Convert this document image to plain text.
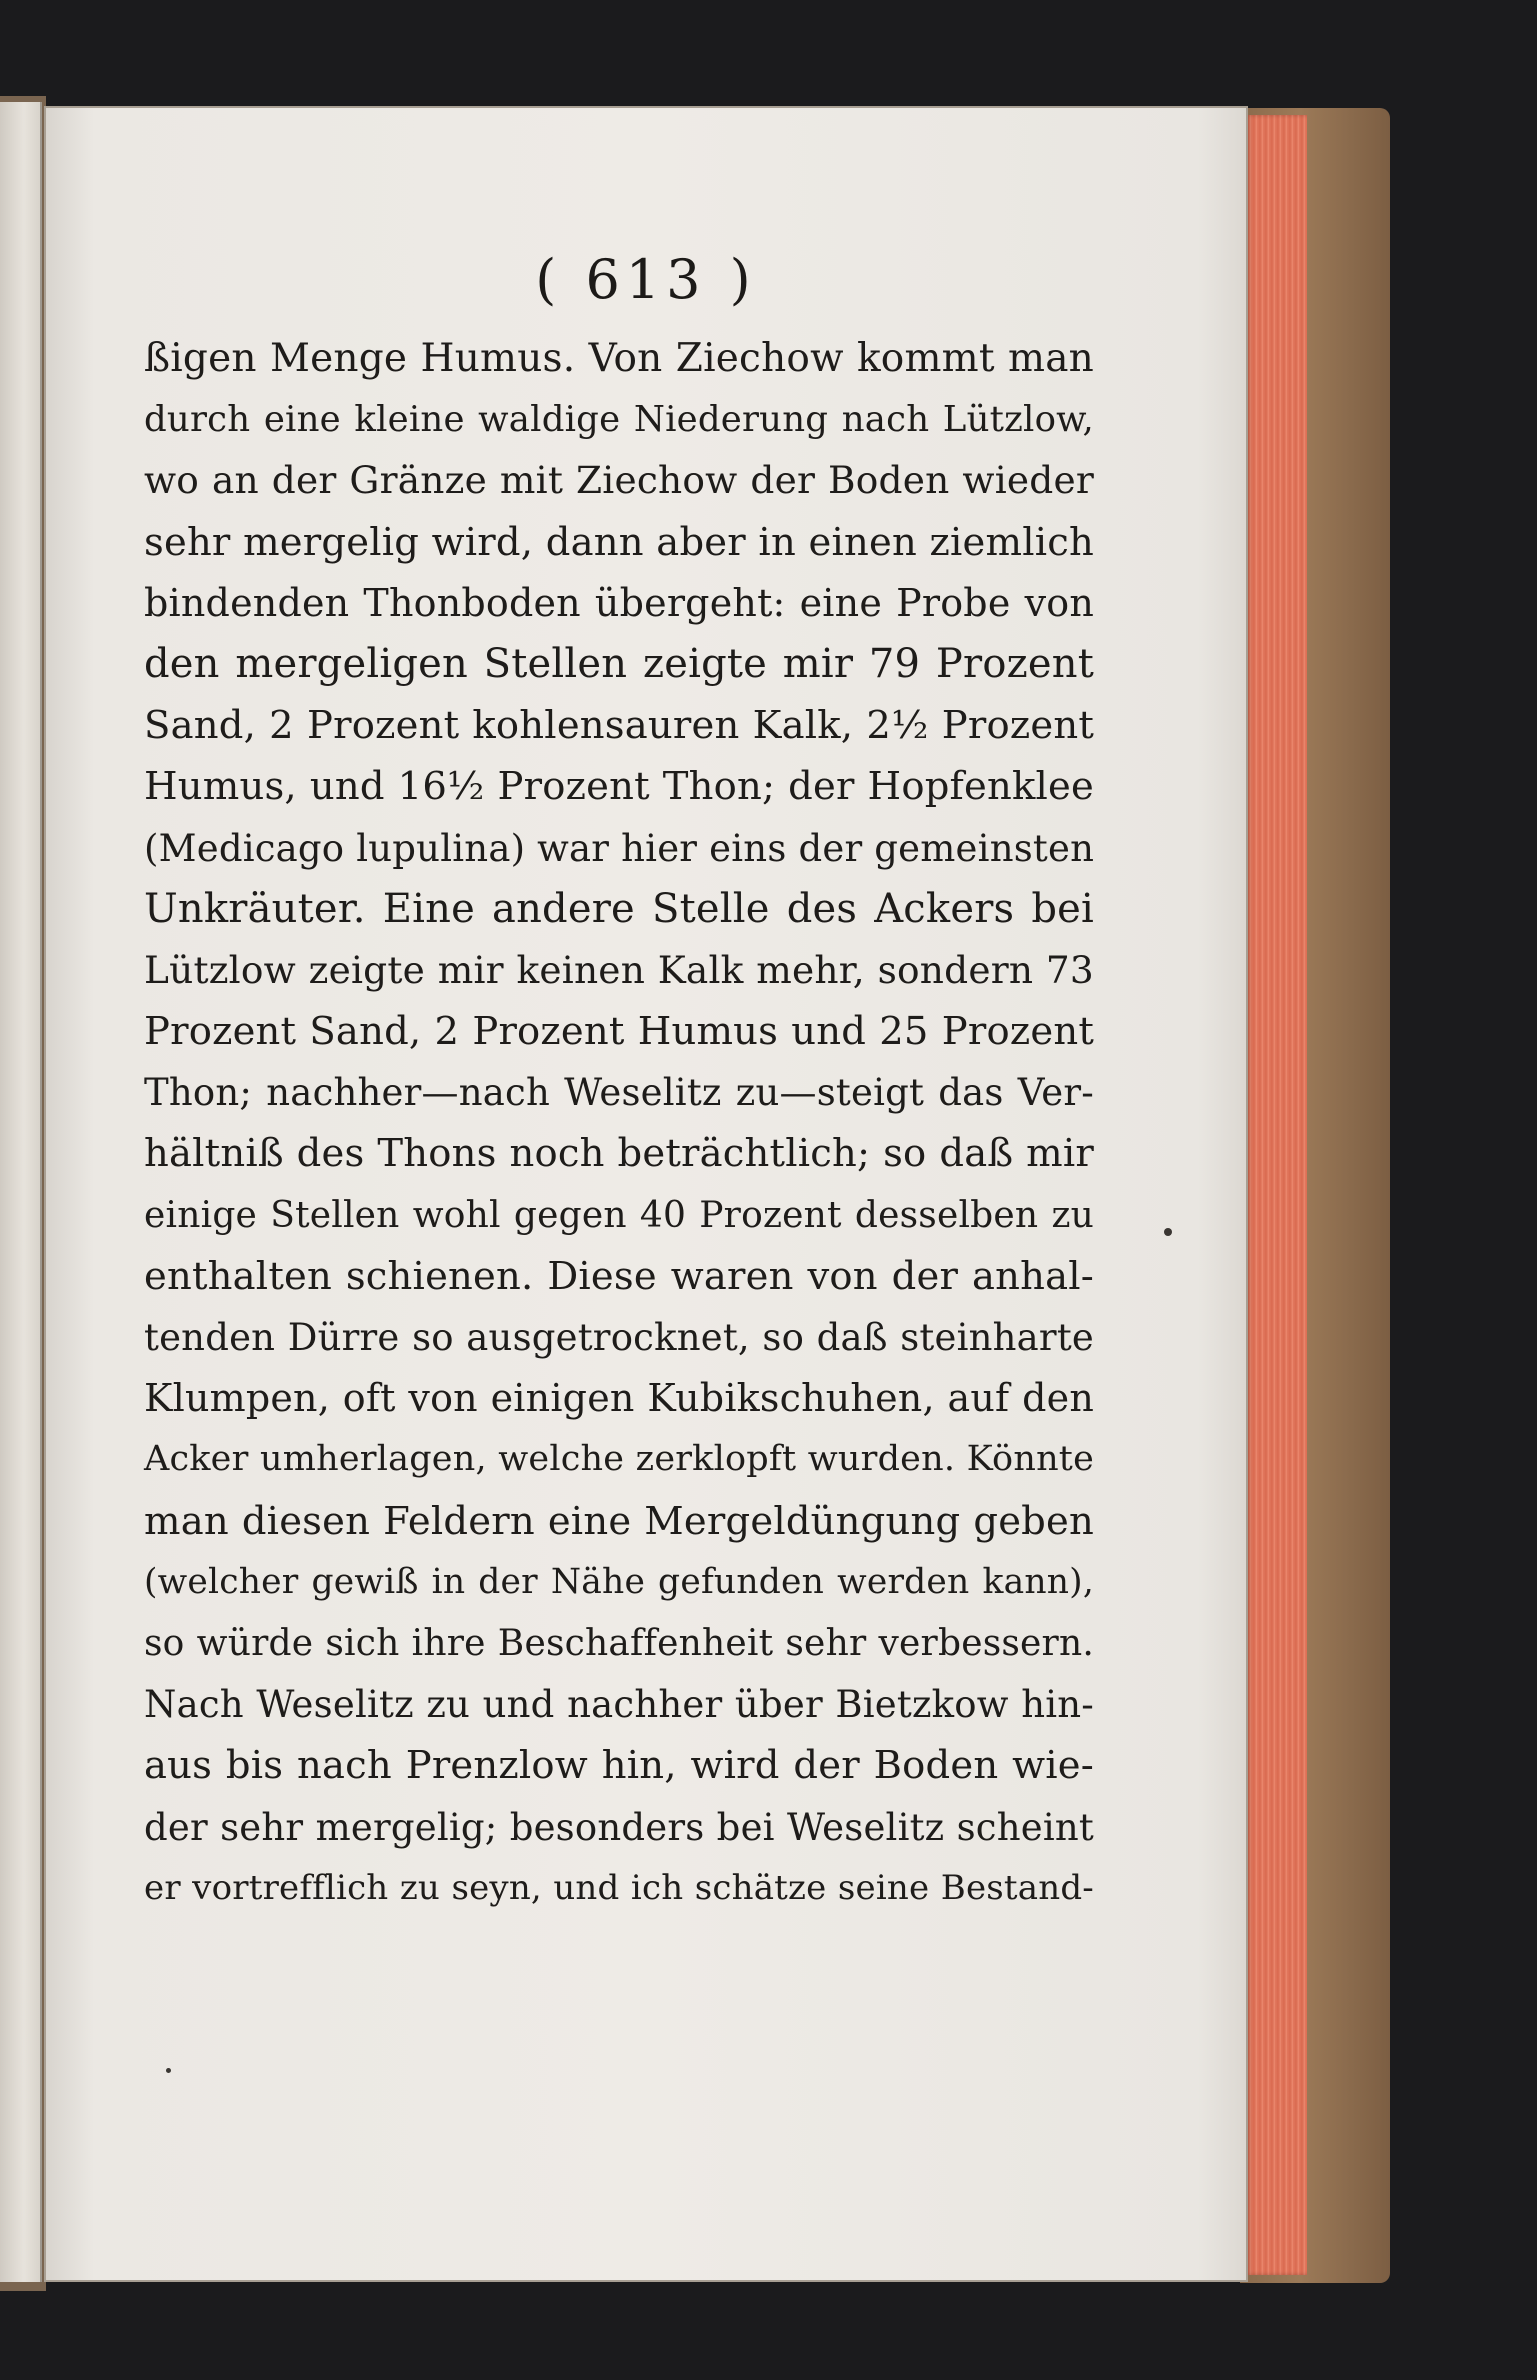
( 613 )
ßigen Menge Humus. Von Ziechow kommt man
durch eine kleine waldige Niederung nach Lützlow,
wo an der Gränze mit Ziechow der Boden wieder
sehr mergelig wird, dann aber in einen ziemlich
bindenden Thonboden übergeht: eine Probe von
den mergeligen Stellen zeigte mir 79 Prozent
Sand, 2 Prozent kohlensauren Kalk, 2½ Prozent
Humus, und 16½ Prozent Thon; der Hopfenklee
(Medicago lupulina) war hier eins der gemeinsten
Unkräuter. Eine andere Stelle des Ackers bei
Lützlow zeigte mir keinen Kalk mehr, sondern 73
Prozent Sand, 2 Prozent Humus und 25 Prozent
Thon; nachher—nach Weselitz zu—steigt das Ver-
hältniß des Thons noch beträchtlich; so daß mir
einige Stellen wohl gegen 40 Prozent desselben zu
enthalten schienen. Diese waren von der anhal-
tenden Dürre so ausgetrocknet, so daß steinharte
Klumpen, oft von einigen Kubikschuhen, auf den
Acker umherlagen, welche zerklopft wurden. Könnte
man diesen Feldern eine Mergeldüngung geben
(welcher gewiß in der Nähe gefunden werden kann),
so würde sich ihre Beschaffenheit sehr verbessern.
Nach Weselitz zu und nachher über Bietzkow hin-
aus bis nach Prenzlow hin, wird der Boden wie-
der sehr mergelig; besonders bei Weselitz scheint
er vortrefflich zu seyn, und ich schätze seine Bestand-
